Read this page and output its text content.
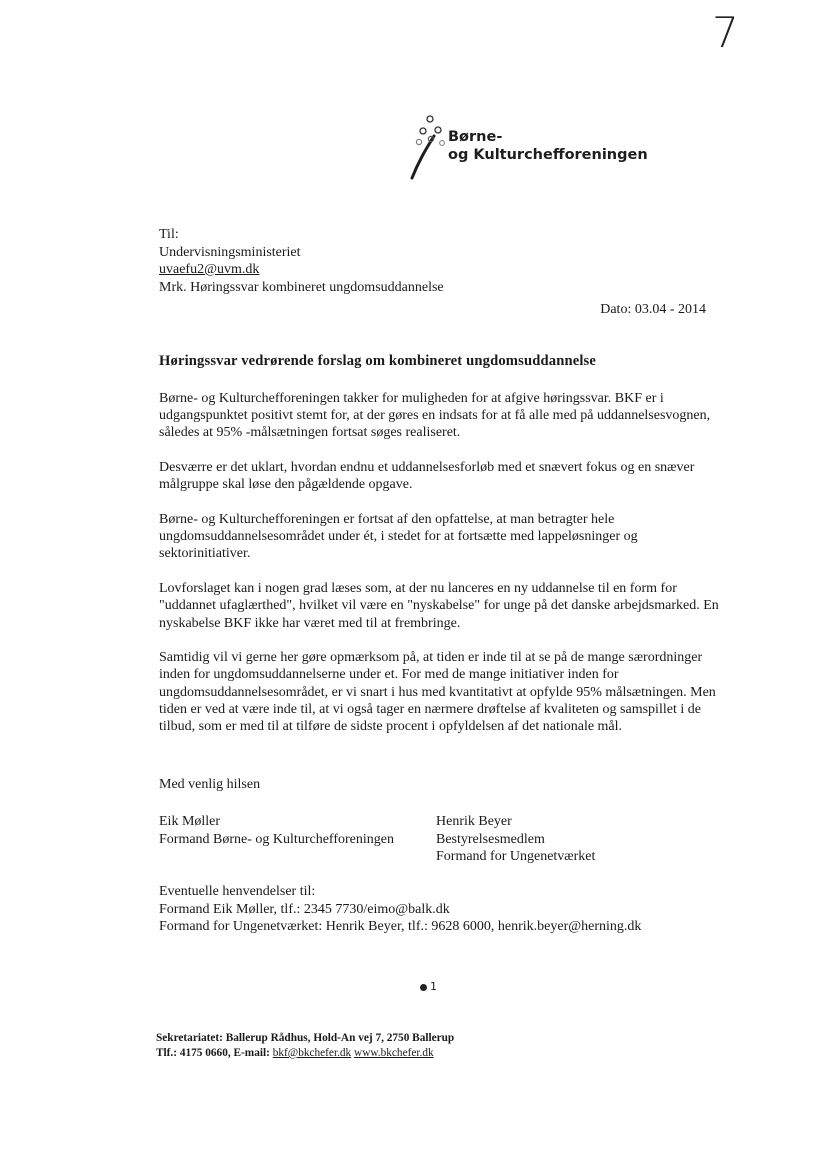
7
Børne-
og Kulturchefforeningen
Til:
Undervisningsministeriet
uvaefu2@uvm.dk
Mrk. Høringssvar kombineret ungdomsuddannelse
Dato: 03.04 - 2014
Høringssvar vedrørende forslag om kombineret ungdomsuddannelse

Børne- og Kulturchefforeningen takker for muligheden for at afgive høringssvar. BKF er i udgangspunktet positivt stemt for, at der gøres en indsats for at få alle med på uddannelsesvognen, således at 95% -målsætningen fortsat søges realiseret.

Desværre er det uklart, hvordan endnu et uddannelsesforløb med et snævert fokus og en snæver målgruppe skal løse den pågældende opgave.

Børne- og Kulturchefforeningen er fortsat af den opfattelse, at man betragter hele ungdomsuddannelsesområdet under ét, i stedet for at fortsætte med lappeløsninger og sektorinitiativer.

Lovforslaget kan i nogen grad læses som, at der nu lanceres en ny uddannelse til en form for "uddannet ufaglærthed", hvilket vil være en "nyskabelse" for unge på det danske arbejdsmarked. En nyskabelse BKF ikke har været med til at frembringe.

Samtidig vil vi gerne her gøre opmærksom på, at tiden er inde til at se på de mange særordninger inden for ungdomsuddannelserne under et. For med de mange initiativer inden for ungdomsuddannelsesområdet, er vi snart i hus med kvantitativt at opfylde 95% målsætningen. Men tiden er ved at være inde til, at vi også tager en nærmere drøftelse af kvaliteten og samspillet i de tilbud, som er med til at tilføre de sidste procent i opfyldelsen af det nationale mål.

Med venlig hilsen
Eik Møller
Formand Børne- og Kulturchefforeningen
Henrik Beyer
Bestyrelsesmedlem
Formand for Ungenetværket
Eventuelle henvendelser til:
Formand Eik Møller, tlf.: 2345 7730/eimo@balk.dk
Formand for Ungenetværket: Henrik Beyer, tlf.: 9628 6000, henrik.beyer@herning.dk
1
Sekretariatet: Ballerup Rådhus, Hold-An vej 7, 2750 Ballerup
Tlf.: 4175 0660, E-mail: bkf@bkchefer.dk www.bkchefer.dk
